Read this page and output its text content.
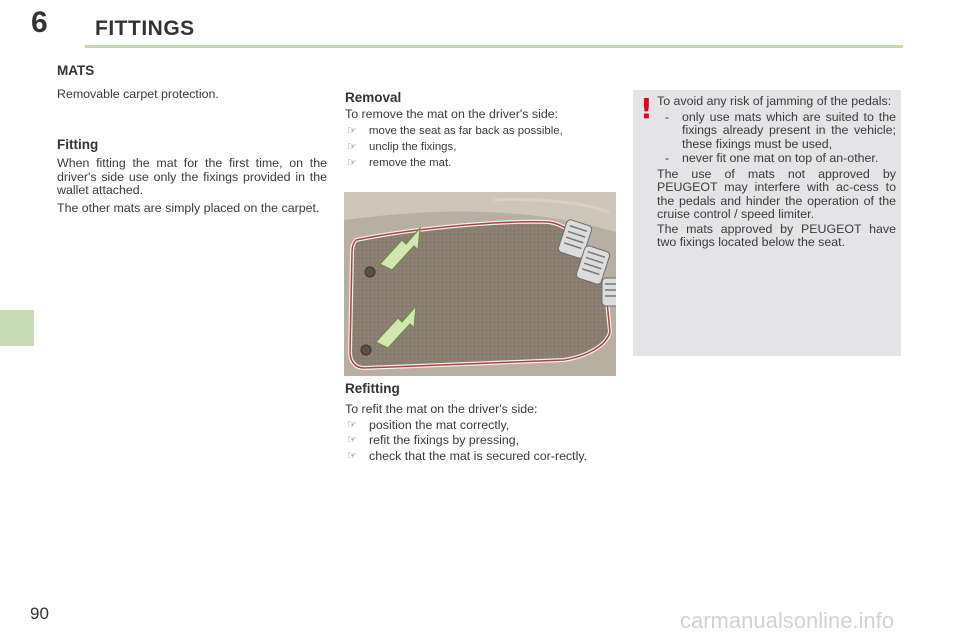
6 FITTINGS
MATS
Removable carpet protection.
Fitting
When fitting the mat for the first time, on the driver's side use only the fixings provided in the wallet attached.
The other mats are simply placed on the carpet.
Removal
To remove the mat on the driver's side:
☞ move the seat as far back as possible,
☞ unclip the fixings,
☞ remove the mat.
Refitting
To refit the mat on the driver's side:
☞ position the mat correctly,
☞ refit the fixings by pressing,
☞ check that the mat is secured cor-rectly.
! To avoid any risk of jamming of the pedals:

- only use mats which are suited to the fixings already present in the vehicle; these fixings must be used,
- never fit one mat on top of an-other.

The use of mats not approved by PEUGEOT may interfere with ac-cess to the pedals and hinder the operation of the cruise control / speed limiter.

The mats approved by PEUGEOT have two fixings located below the seat.

90	carmanualsonline.info
